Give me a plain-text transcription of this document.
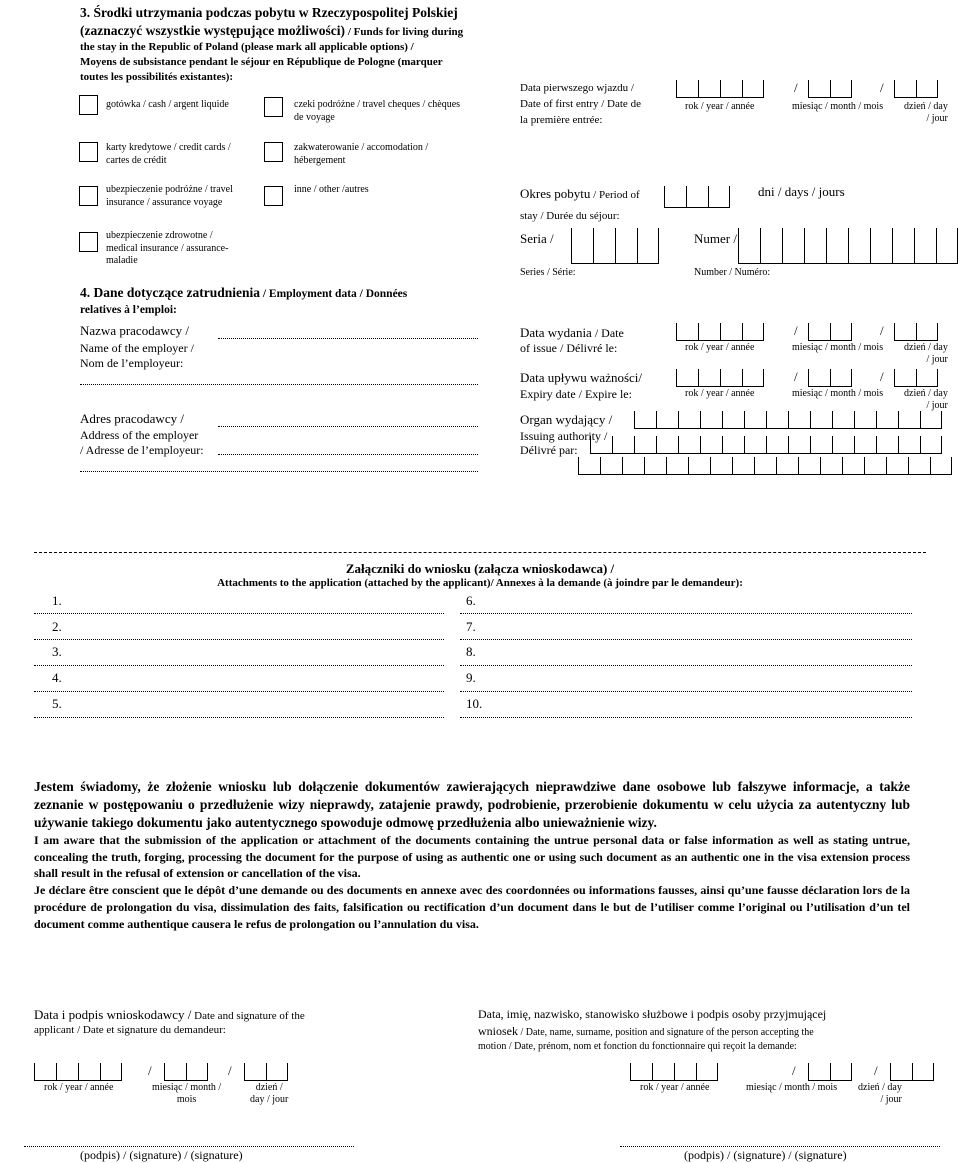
3. Środki utrzymania podczas pobytu w Rzeczypospolitej Polskiej
(zaznaczyć wszystkie występujące możliwości) / Funds for living during
the stay in the Republic of Poland (please mark all applicable options) /
Moyens de subsistance pendant le séjour en République de Pologne (marquer
toutes les possibilités existantes):
gotówka / cash / argent liquide
karty kredytowe / credit cards /
cartes de crédit
ubezpieczenie podróżne / travel
insurance / assurance voyage
ubezpieczenie zdrowotne /
medical insurance / assurance-
maladie
czeki podróżne / travel cheques / chèques
de voyage
zakwaterowanie / accomodation /
hébergement
inne / other /autres
Data pierwszego wjazdu /
Date of first entry / Date de
la première entrée:
/	/
rok / year / année	miesiąc / month / mois dzień / day
/ jour
Okres pobytu / Period of
stay / Durée du séjour:
dni / days / jours
Seria /
Series / Série:
Numer /
Number / Numéro:
4. Dane dotyczące zatrudnienia / Employment data / Données
relatives à l’emploi:
Nazwa pracodawcy /
Name of the employer /
Nom de l’employeur:
Adres pracodawcy /
Address of the employer
/ Adresse de l’employeur:
Data wydania / Date
of issue / Délivré le:
/	/
rok / year / année	miesiąc / month / mois dzień / day
/ jour
Data upływu ważności/
Expiry date / Expire le:
/	/
rok / year / année	miesiąc / month / mois dzień / day
/ jour
Organ wydający /
Issuing authority /
Délivré par:
Załączniki do wniosku (załącza wnioskodawca) /
Attachments to the application (attached by the applicant)/ Annexes à la demande (à joindre par le demandeur):
1.
2.
3.
4.
5.
6.
7.
8.
9.
10.

Jestem świadomy, że złożenie wniosku lub dołączenie dokumentów zawierających nieprawdziwe dane osobowe lub fałszywe informacje, a także zeznanie w postępowaniu o przedłużenie wizy nieprawdy, zatajenie prawdy, podrobienie, przerobienie dokumentu w celu użycia za autentyczny lub używanie takiego dokumentu jako autentycznego spowoduje odmowę przedłużenia albo unieważnienie wizy.

I am aware that the submission of the application or attachment of the documents containing the untrue personal data or false information as well as stating untrue, concealing the truth, forging, processing the document for the purpose of using as authentic one or using such document as an authentic one in the visa extension process shall result in the refusal of extension or cancellation of the visa.

Je déclare être conscient que le dépôt d’une demande ou des documents en annexe avec des coordonnées ou informations fausses, ainsi qu’une fausse déclaration lors de la procédure de prolongation du visa, dissimulation des faits, falsification ou rectification d’un document dans le but de l’utiliser comme l’original ou l’utilisation d’un tel document comme authentique causera le refus de prolongation ou l’annulation du visa.

Data i podpis wnioskodawcy / Date and signature of the
applicant / Date et signature du demandeur:
/	/
rok / year / année	miesiąc / month /
mois
dzień /
day / jour
(podpis) / (signature) / (signature)
Data, imię, nazwisko, stanowisko służbowe i podpis osoby przyjmującej
wniosek / Date, name, surname, position and signature of the person accepting the
motion / Date, prénom, nom et fonction du fonctionnaire qui reçoit la demande:
/	/
rok / year / année	miesiąc / month / mois dzień / day
/ jour
(podpis) / (signature) / (signature)
